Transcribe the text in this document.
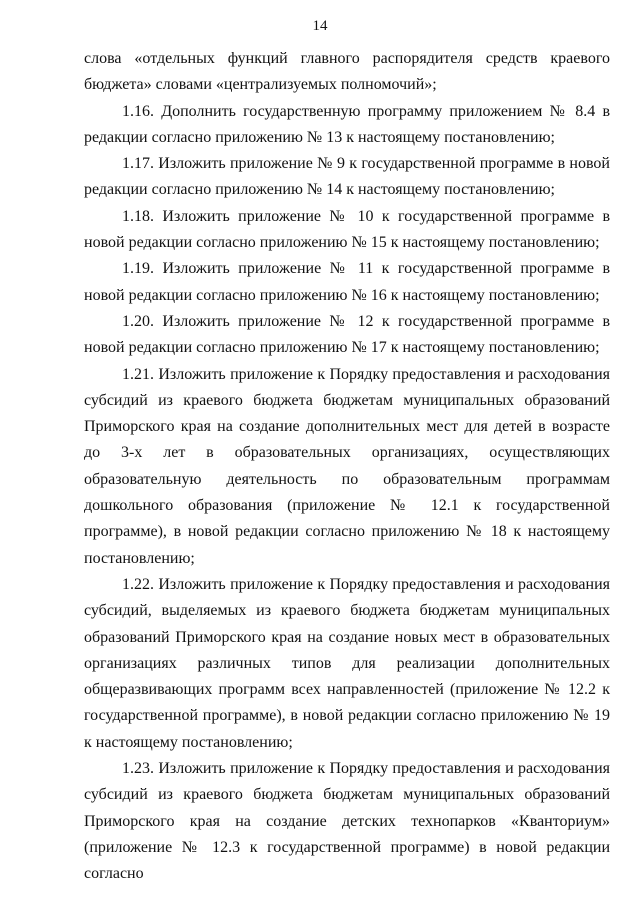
14

слова «отдельных функций главного распорядителя средств краевого бюджета» словами «централизуемых полномочий»;

1.16. Дополнить государственную программу приложением № 8.4 в редакции согласно приложению № 13 к настоящему постановлению;

1.17. Изложить приложение № 9 к государственной программе в новой редакции согласно приложению № 14 к настоящему постановлению;

1.18. Изложить приложение № 10 к государственной программе в новой редакции согласно приложению № 15 к настоящему постановлению;

1.19. Изложить приложение № 11 к государственной программе в новой редакции согласно приложению № 16 к настоящему постановлению;

1.20. Изложить приложение № 12 к государственной программе в новой редакции согласно приложению № 17 к настоящему постановлению;

1.21. Изложить приложение к Порядку предоставления и расходования субсидий из краевого бюджета бюджетам муниципальных образований Приморского края на создание дополнительных мест для детей в возрасте до 3-х лет в образовательных организациях, осуществляющих образовательную деятельность по образовательным программам дошкольного образования (приложение № 12.1 к государственной программе), в новой редакции согласно приложению № 18 к настоящему постановлению;

1.22. Изложить приложение к Порядку предоставления и расходования субсидий, выделяемых из краевого бюджета бюджетам муниципальных образований Приморского края на создание новых мест в образовательных организациях различных типов для реализации дополнительных общеразвивающих программ всех направленностей (приложение № 12.2 к государственной программе), в новой редакции согласно приложению № 19 к настоящему постановлению;

1.23. Изложить приложение к Порядку предоставления и расходования субсидий из краевого бюджета бюджетам муниципальных образований Приморского края на создание детских технопарков «Кванториум» (приложение № 12.3 к государственной программе) в новой редакции согласно
